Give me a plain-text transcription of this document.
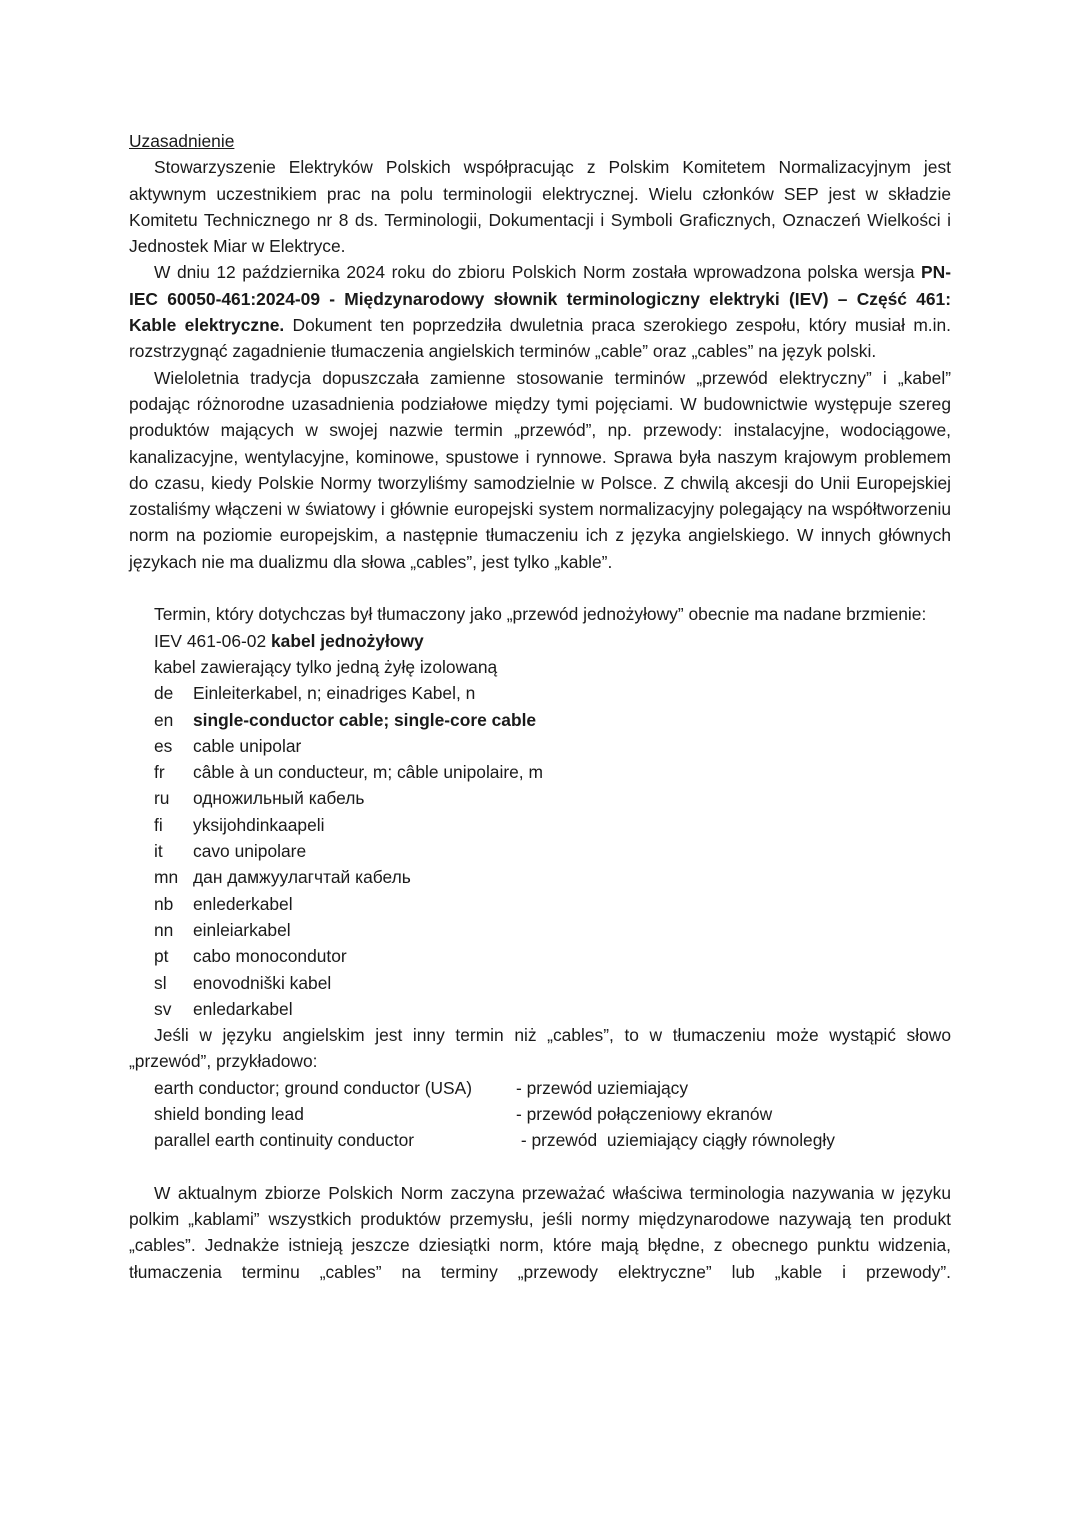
Uzasadnienie

Stowarzyszenie Elektryków Polskich współpracując z Polskim Komitetem Normalizacyjnym jest aktywnym uczestnikiem prac na polu terminologii elektrycznej. Wielu członków SEP jest w składzie Komitetu Technicznego nr 8 ds. Terminologii, Dokumentacji i Symboli Graficznych, Oznaczeń Wielkości i Jednostek Miar w Elektryce.

W dniu 12 października 2024 roku do zbioru Polskich Norm została wprowadzona polska wersja PN-IEC 60050-461:2024-09 - Międzynarodowy słownik terminologiczny elektryki (IEV) – Część 461: Kable elektryczne. Dokument ten poprzedziła dwuletnia praca szerokiego zespołu, który musiał m.in. rozstrzygnąć zagadnienie tłumaczenia angielskich terminów „cable” oraz „cables” na język polski.

Wieloletnia tradycja dopuszczała zamienne stosowanie terminów „przewód elektryczny” i „kabel” podając różnorodne uzasadnienia podziałowe między tymi pojęciami. W budownictwie występuje szereg produktów mających w swojej nazwie termin „przewód”, np. przewody: instalacyjne, wodociągowe, kanalizacyjne, wentylacyjne, kominowe, spustowe i rynnowe. Sprawa była naszym krajowym problemem do czasu, kiedy Polskie Normy tworzyliśmy samodzielnie w Polsce. Z chwilą akcesji do Unii Europejskiej zostaliśmy włączeni w światowy i głównie europejski system normalizacyjny polegający na współtworzeniu norm na poziomie europejskim, a następnie tłumaczeniu ich z języka angielskiego. W innych głównych językach nie ma dualizmu dla słowa „cables”, jest tylko „kable”.

Termin, który dotychczas był tłumaczony jako „przewód jednożyłowy” obecnie ma nadane brzmienie:

IEV 461-06-02 kabel jednożyłowy

kabel zawierający tylko jedną żyłę izolowaną

de	Einleiterkabel, n; einadriges Kabel, n
en	single-conductor cable; single-core cable
es	cable unipolar
fr	câble à un conducteur, m; câble unipolaire, m
ru	одножильный кабель
fi	yksijohdinkaapeli
it	cavo unipolare
mn дан дамжуулагчтай кабель
nb	enlederkabel
nn	einleiarkabel
pt	cabo monocondutor
sl	enovodniški kabel
sv	enledarkabel

Jeśli w języku angielskim jest inny termin niż „cables”, to w tłumaczeniu może wystąpić słowo „przewód”, przykładowo:

earth conductor; ground conductor (USA)	- przewód uziemiający
shield bonding lead	- przewód połączeniowy ekranów
parallel earth continuity conductor	- przewód  uziemiający ciągły równoległy

W aktualnym zbiorze Polskich Norm zaczyna przeważać właściwa terminologia nazywania w języku polkim „kablami” wszystkich produktów przemysłu, jeśli normy międzynarodowe nazywają ten produkt „cables”. Jednakże istnieją jeszcze dziesiątki norm, które mają błędne, z obecnego punktu widzenia, tłumaczenia terminu „cables” na terminy „przewody elektryczne” lub „kable i przewody”.
